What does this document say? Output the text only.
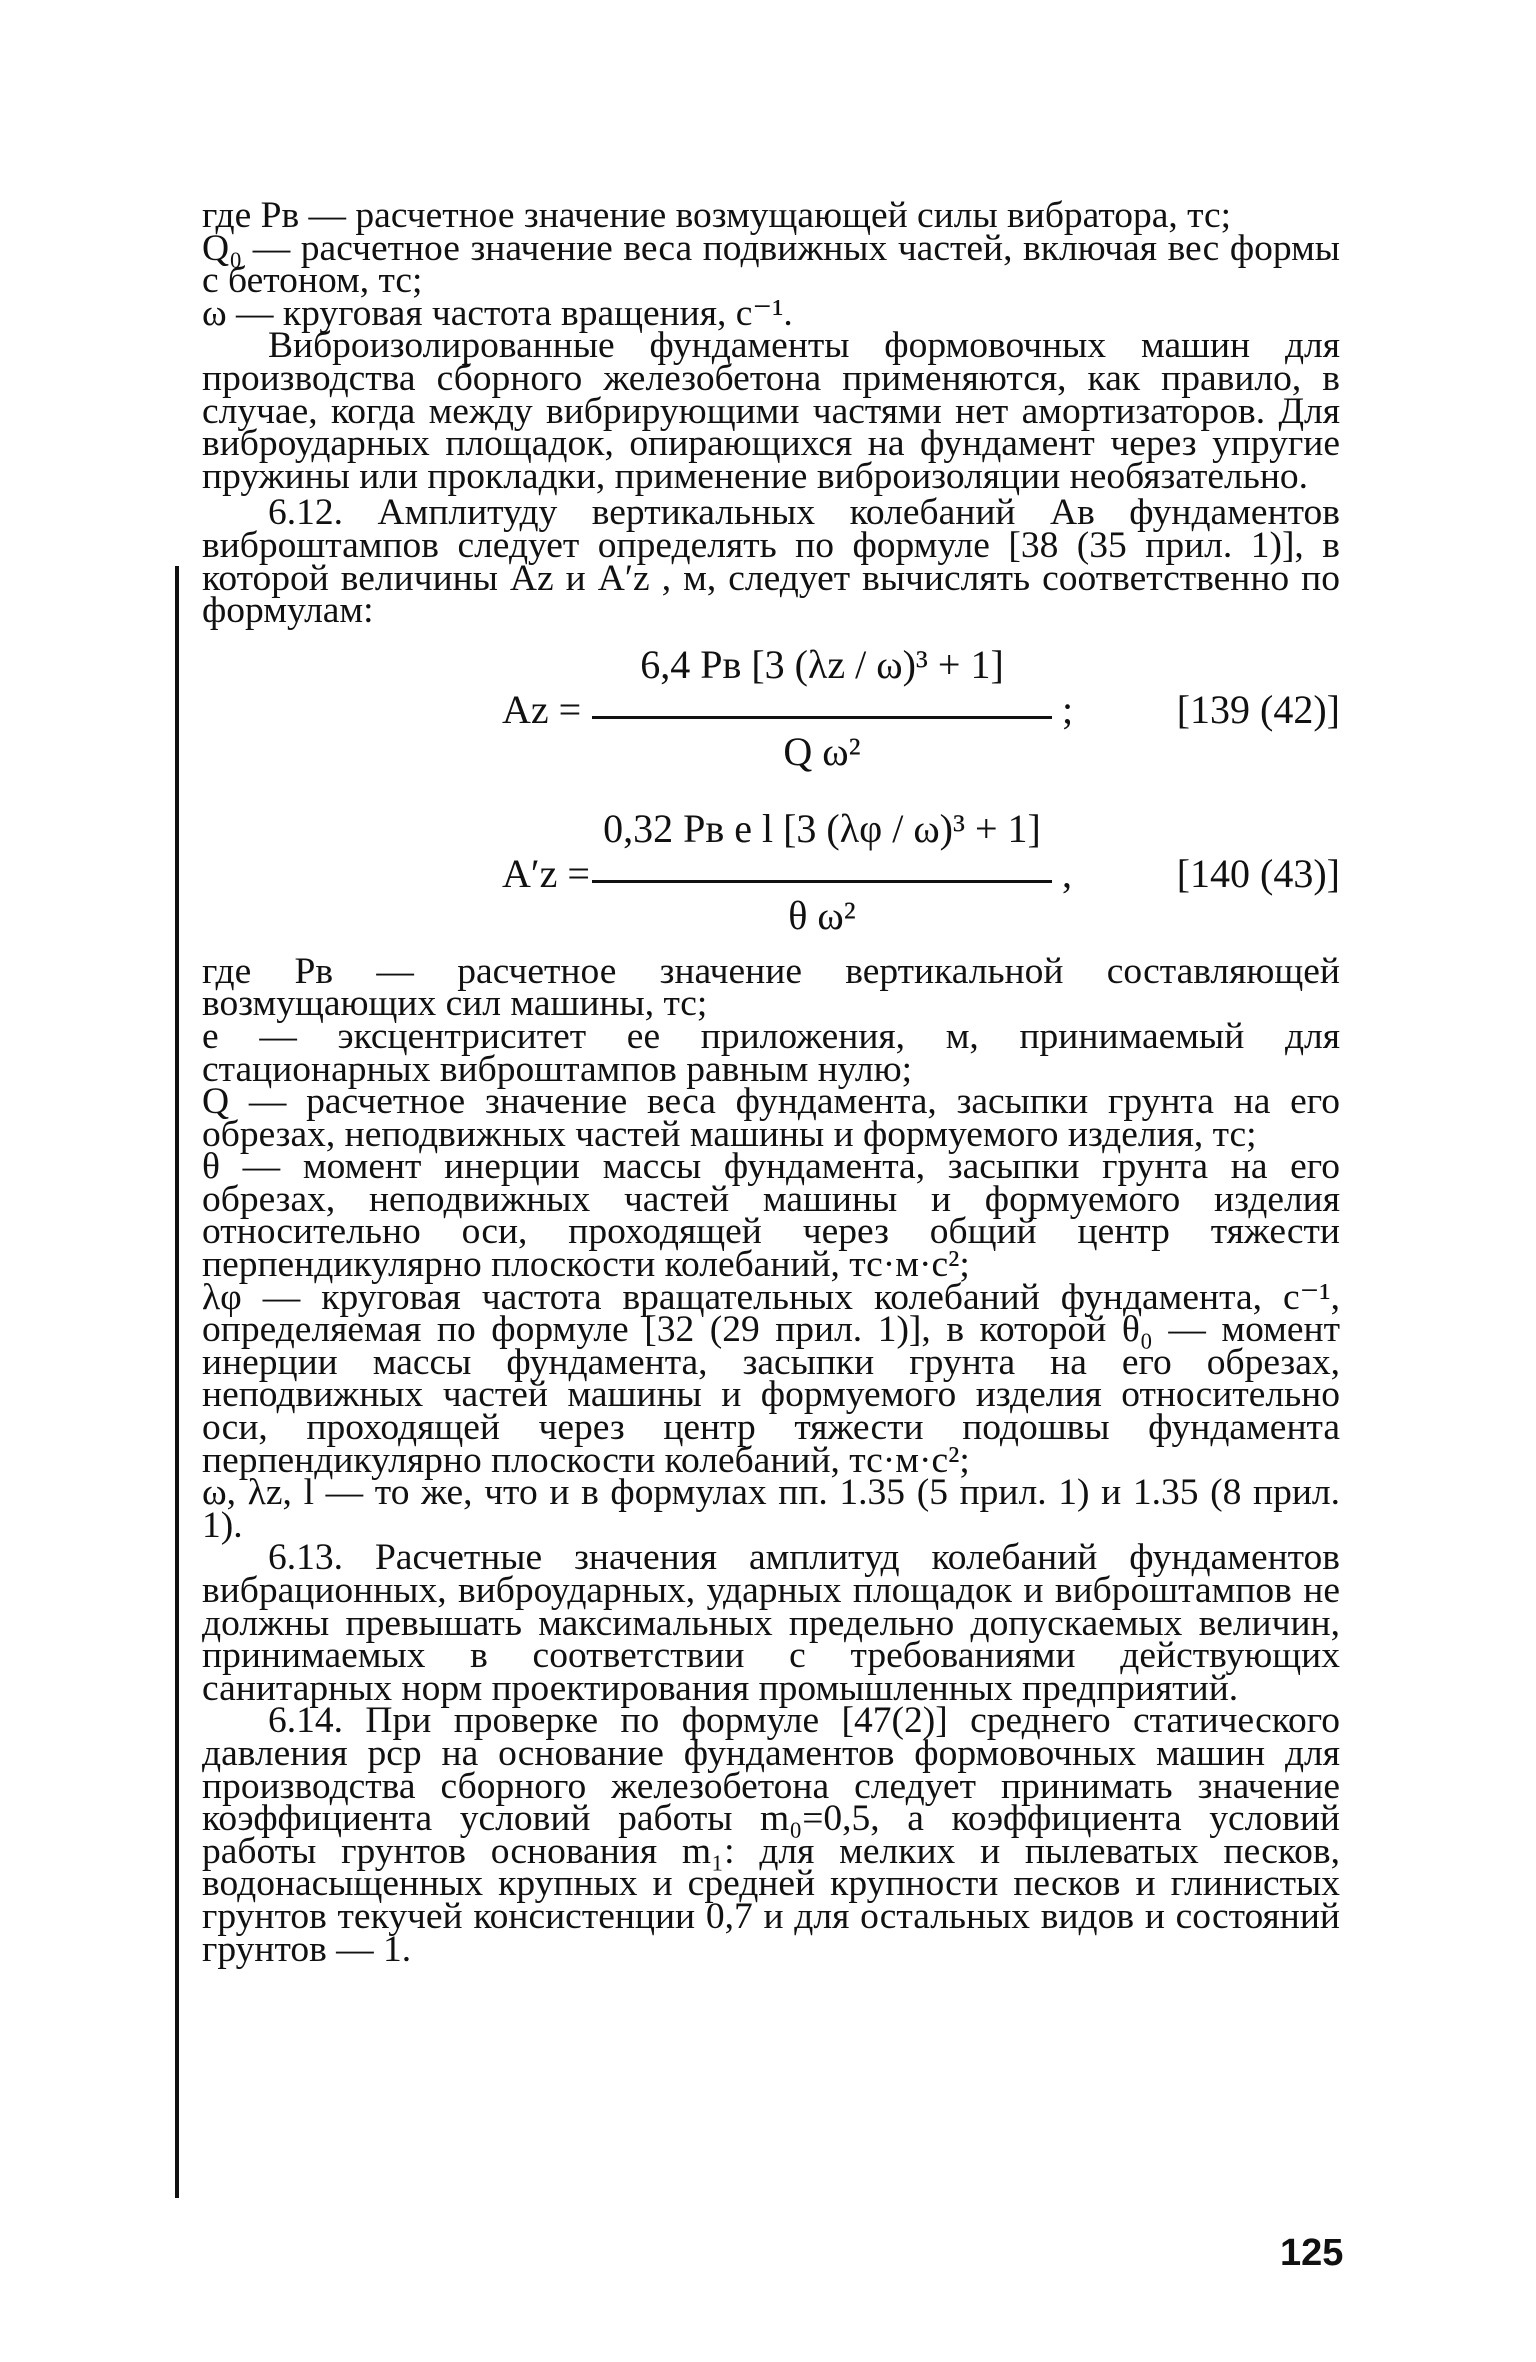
где Pв — расчетное значение возмущающей силы вибратора, тс;

Q₀ — расчетное значение веса подвижных частей, включая вес формы с бетоном, тс;

ω — круговая частота вращения, с⁻¹.

Виброизолированные фундаменты формовочных машин для производства сборного железобетона применяются, как правило, в случае, когда между вибрирующими частями нет амортизаторов. Для виброударных площадок, опирающихся на фундамент через упругие пружины или прокладки, применение виброизоляции необязательно.

6.12. Амплитуду вертикальных колебаний Aв фундаментов виброштампов следует определять по формуле [38 (35 прил. 1)], в которой величины Az и A′z , м, следует вычислять соответственно по формулам:

Az =
6,4 Pв [3 (λz / ω)³ + 1]
Q ω²
;	[139 (42)]
A′z =
0,32 Pв e l [3 (λφ / ω)³ + 1]
θ ω²
,	[140 (43)]

где Pв — расчетное значение вертикальной составляющей возмущающих сил машины, тс;

e — эксцентриситет ее приложения, м, принимаемый для стационарных виброштампов равным нулю;

Q — расчетное значение веса фундамента, засыпки грунта на его обрезах, неподвижных частей машины и формуемого изделия, тс;

θ — момент инерции массы фундамента, засыпки грунта на его обрезах, неподвижных частей машины и формуемого изделия относительно оси, проходящей через общий центр тяжести перпендикулярно плоскости колебаний, тс·м·с²;

λφ — круговая частота вращательных колебаний фундамента, с⁻¹, определяемая по формуле [32 (29 прил. 1)], в которой θ₀ — момент инерции массы фундамента, засыпки грунта на его обрезах, неподвижных частей машины и формуемого изделия относительно оси, проходящей через центр тяжести подошвы фундамента перпендикулярно плоскости колебаний, тс·м·с²;

ω, λz, l — то же, что и в формулах пп. 1.35 (5 прил. 1) и 1.35 (8 прил. 1).

6.13. Расчетные значения амплитуд колебаний фундаментов вибрационных, виброударных, ударных площадок и виброштампов не должны превышать максимальных предельно допускаемых величин, принимаемых в соответствии с требованиями действующих санитарных норм проектирования промышленных предприятий.

6.14. При проверке по формуле [47(2)] среднего статического давления pср на основание фундаментов формовочных машин для производства сборного железобетона следует принимать значение коэффициента условий работы m₀=0,5, а коэффициента условий работы грунтов основания m₁: для мелких и пылеватых песков, водонасыщенных крупных и средней крупности песков и глинистых грунтов текучей консистенции 0,7 и для остальных видов и состояний грунтов — 1.

125
